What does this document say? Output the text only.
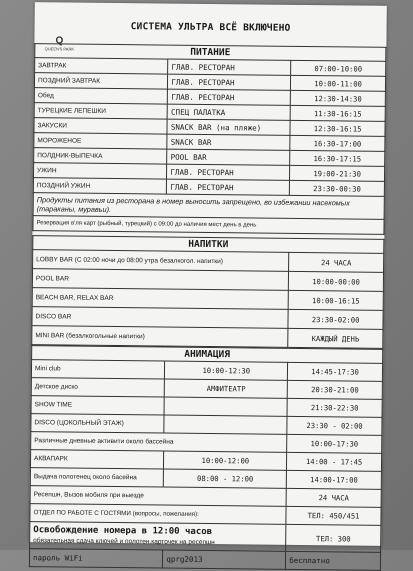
СИСТЕМА УЛЬТРА ВСЁ ВКЛЮЧЕНО
Q
QUEEN'S PARK	ПИТАНИЕ		
ЗАВТРАК	ГЛАВ. РЕСТОРАН	07:00-10:00
ПОЗДНИЙ ЗАВТРАК	ГЛАВ. РЕСТОРАН	10:00-11:00
Обед	ГЛАВ. РЕСТОРАН	12:30-14:30
ТУРЕЦКИЕ ЛЕПЕШКИ	СПЕЦ ПАЛАТКА	11:30-16:15
ЗАКУСКИ	SNACK BAR (на пляже)	12:30-16:15
МОРОЖЕНОЕ	SNACK BAR	16:30-17:00
ПОЛДНИК-ВЫПЕЧКА	POOL BAR	16:30-17:15
УЖИН	ГЛАВ. РЕСТОРАН	19:00-21:30
ПОЗДНИЙ УЖИН	ГЛАВ. РЕСТОРАН	23:30-00:30
Продукты питания из ресторана в номер выносить запрещено, во избежании насекомых (тараканы, муравьи).		
Резервация в'ля карт (рыбный, турецкий) с 09:00 до наличия мест день в день		
НАПИТКИ	
LOBBY BAR (С 02:00 ночи до 08:00 утра безалкогол. напитки)	24 ЧАСА
POOL BAR	10:00-00:00
BEACH BAR, RELAX BAR	10:00-16:15
DISCO BAR	23:30-02:00
MINI BAR (безалкогольные напитки)	КАЖДЫЙ ДЕНЬ
АНИМАЦИЯ		
Mini club	10:00-12:30	14:45-17:30
Детское диско	АМФИТЕАТР	20:30-21:00
SHOW TIME		21:30-22:30
DISCO (ЦОКОЛЬНЫЙ ЭТАЖ)		23:30 - 02:00
Различные дневные активити около бассейна		10:00-17:30
АКВАПАРК	10:00-12:00	14:00 - 17:45
Выдача полотенец около басейна	08:00 - 12:00	14:00-17:00
Ресепшн, Вызов мобиля при выезде		24 ЧАСА
ОТДЕЛ ПО РАБОТЕ С ГОСТЯМИ (вопросы, пожелания):		ТЕЛ: 450/451
Освобождение номера в 12:00 часов
обязательная сдача ключей и полотен.карточек на ресепшн		ТЕЛ: 300
пароль WiFi	qprg2013	бесплатно
